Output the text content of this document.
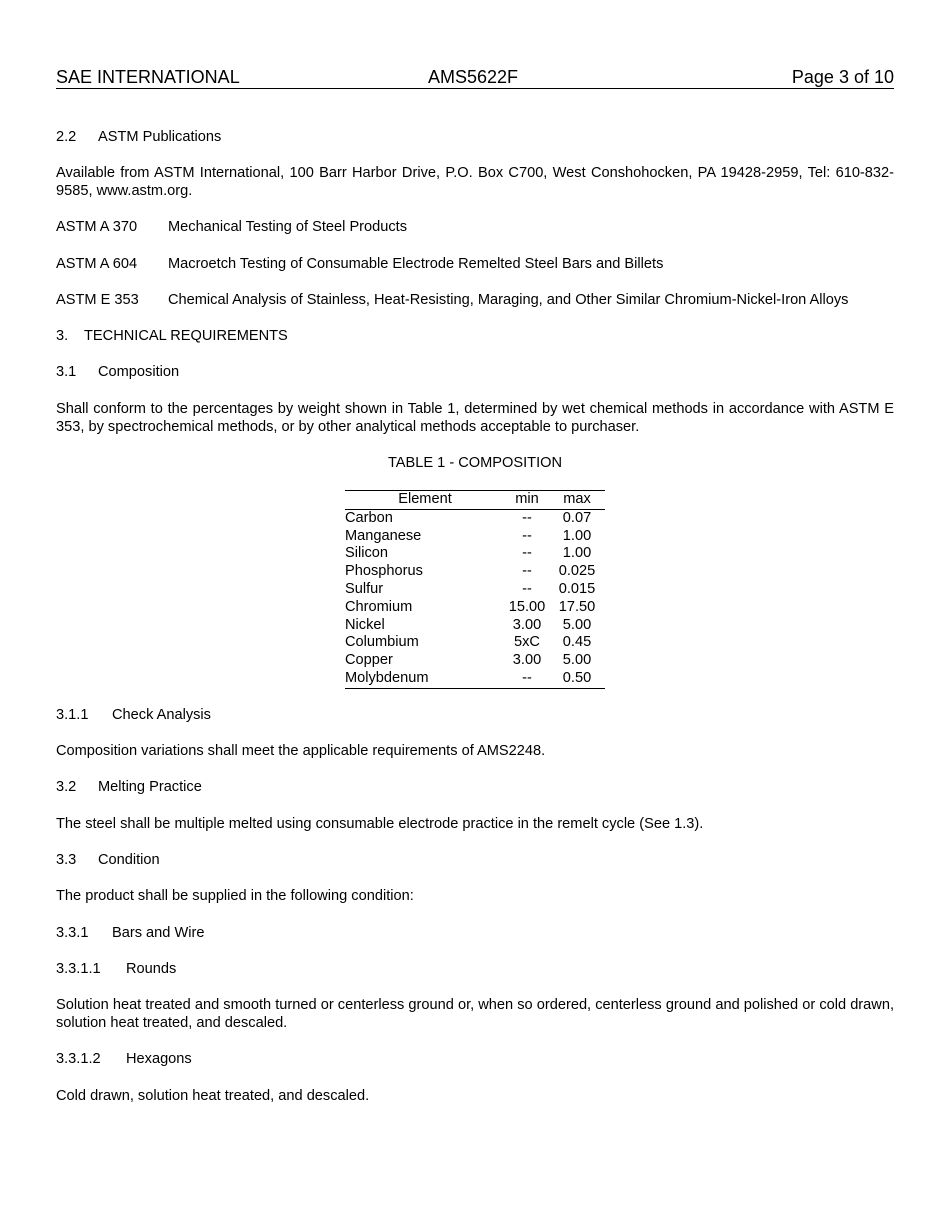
SAE INTERNATIONAL	AMS5622F	Page 3 of 10
2.2 ASTM Publications
Available from ASTM International, 100 Barr Harbor Drive, P.O. Box C700, West Conshohocken, PA 19428-2959, Tel: 610-832-9585, www.astm.org.
ASTM A 370 Mechanical Testing of Steel Products
ASTM A 604 Macroetch Testing of Consumable Electrode Remelted Steel Bars and Billets
ASTM E 353 Chemical Analysis of Stainless, Heat-Resisting, Maraging, and Other Similar Chromium-Nickel-Iron Alloys
3. TECHNICAL REQUIREMENTS
3.1 Composition
Shall conform to the percentages by weight shown in Table 1, determined by wet chemical methods in accordance with ASTM E 353, by spectrochemical methods, or by other analytical methods acceptable to purchaser.
TABLE 1 - COMPOSITION
Element	min	max
Carbon	--	0.07
Manganese	--	1.00
Silicon	--	1.00
Phosphorus	--	0.025
Sulfur	--	0.015
Chromium	15.00	17.50
Nickel	3.00	5.00
Columbium	5xC	0.45
Copper	3.00	5.00
Molybdenum	--	0.50
3.1.1 Check Analysis
Composition variations shall meet the applicable requirements of AMS2248.
3.2 Melting Practice
The steel shall be multiple melted using consumable electrode practice in the remelt cycle (See 1.3).
3.3 Condition
The product shall be supplied in the following condition:
3.3.1 Bars and Wire
3.3.1.1 Rounds
Solution heat treated and smooth turned or centerless ground or, when so ordered, centerless ground and polished or cold drawn, solution heat treated, and descaled.
3.3.1.2 Hexagons
Cold drawn, solution heat treated, and descaled.
